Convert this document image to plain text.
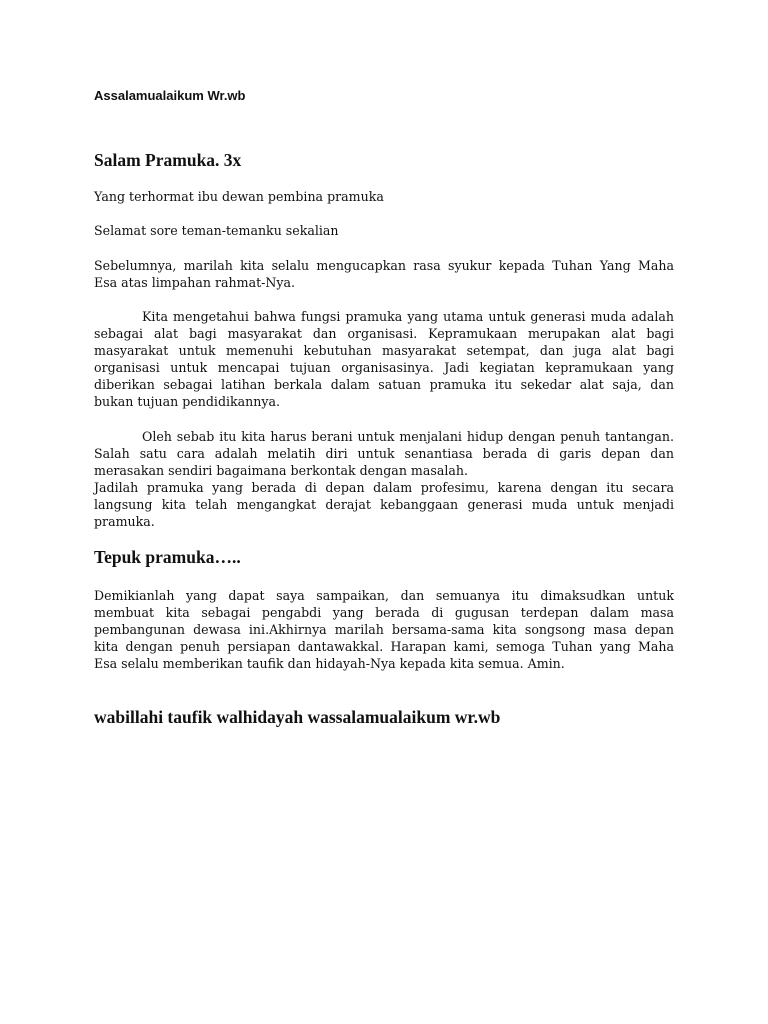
Assalamualaikum Wr.wb
Salam Pramuka. 3x
Yang terhormat ibu dewan pembina pramuka
Selamat sore teman-temanku sekalian
Sebelumnya, marilah kita selalu mengucapkan rasa syukur kepada Tuhan Yang Maha
Esa atas limpahan rahmat-Nya.
Kita mengetahui bahwa fungsi pramuka yang utama untuk generasi muda adalah
sebagai alat bagi masyarakat dan organisasi. Kepramukaan merupakan alat bagi
masyarakat untuk memenuhi kebutuhan masyarakat setempat, dan juga alat bagi
organisasi untuk mencapai tujuan organisasinya. Jadi kegiatan kepramukaan yang
diberikan sebagai latihan berkala dalam satuan pramuka itu sekedar alat saja, dan
bukan tujuan pendidikannya.
Oleh sebab itu kita harus berani untuk menjalani hidup dengan penuh tantangan.
Salah satu cara adalah melatih diri untuk senantiasa berada di garis depan dan
merasakan sendiri bagaimana berkontak dengan masalah.
Jadilah pramuka yang berada di depan dalam profesimu, karena dengan itu secara
langsung kita telah mengangkat derajat kebanggaan generasi muda untuk menjadi
pramuka.
Tepuk pramuka…..
Demikianlah yang dapat saya sampaikan, dan semuanya itu dimaksudkan untuk
membuat kita sebagai pengabdi yang berada di gugusan terdepan dalam masa
pembangunan dewasa ini.Akhirnya marilah bersama-sama kita songsong masa depan
kita dengan penuh persiapan dantawakkal. Harapan kami, semoga Tuhan yang Maha
Esa selalu memberikan taufik dan hidayah-Nya kepada kita semua. Amin.
wabillahi taufik walhidayah wassalamualaikum wr.wb
